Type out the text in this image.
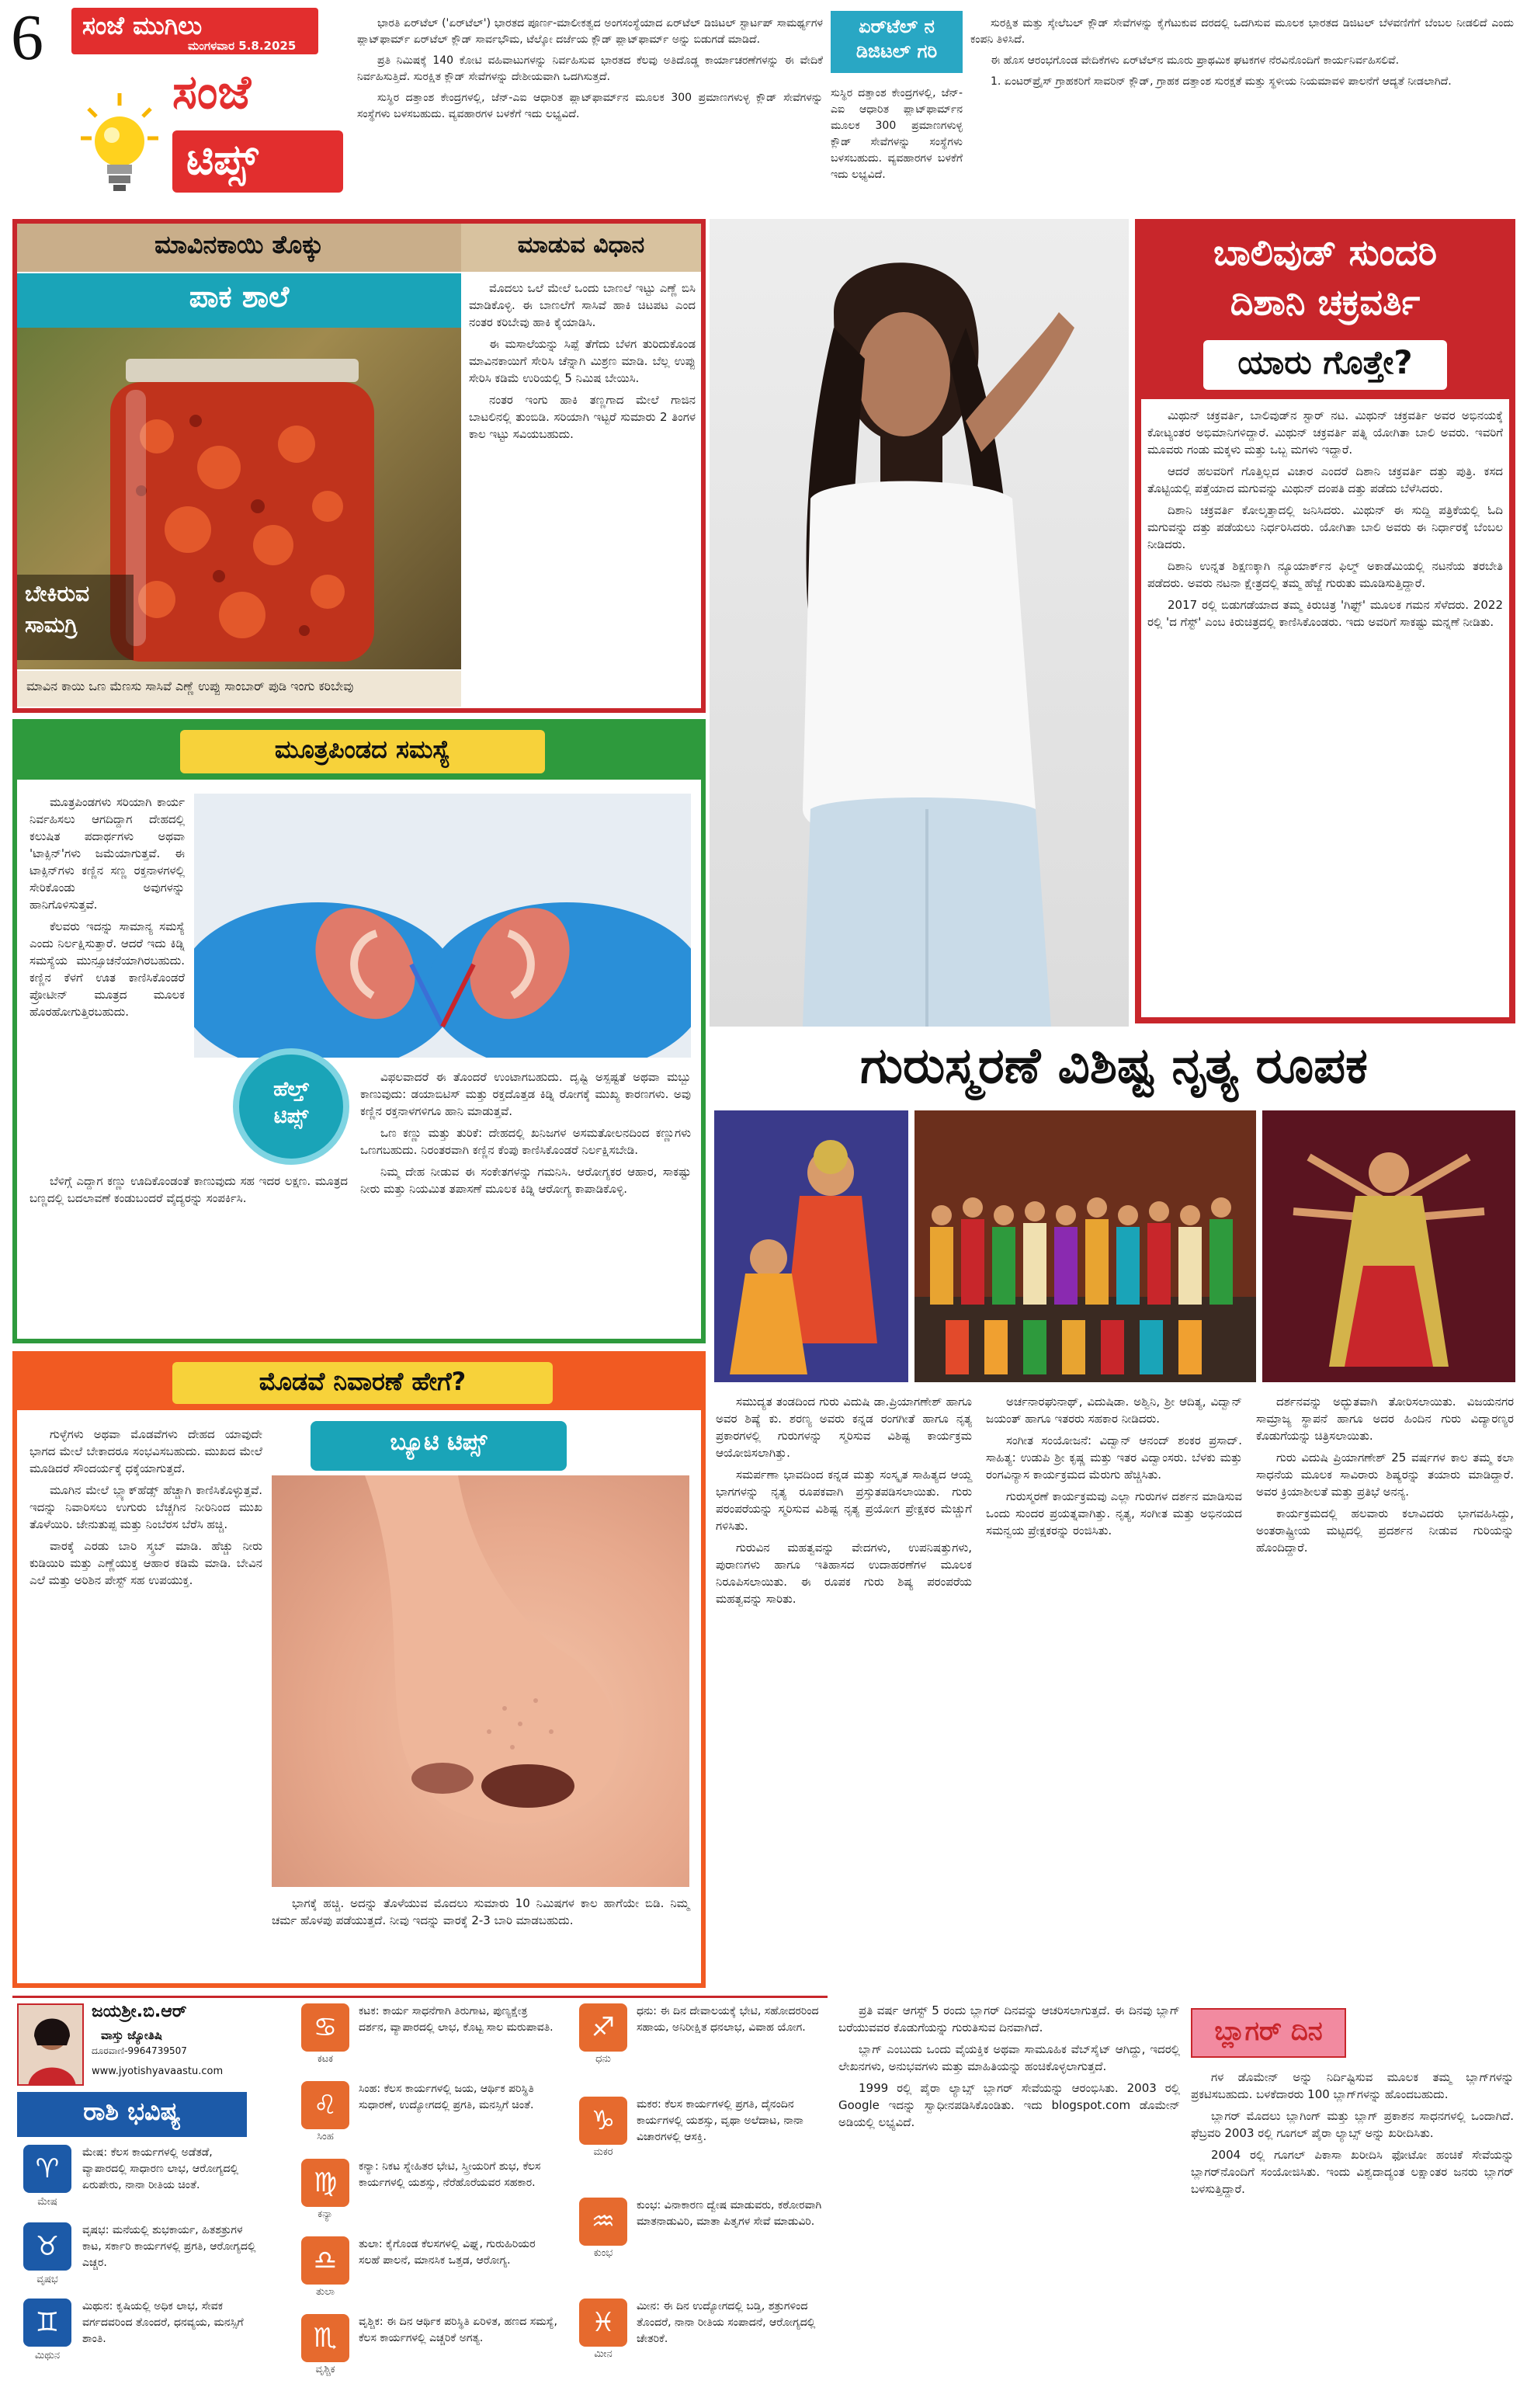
6 ಸಂಜೆ ಮುಗಿಲು
ಮಂಗಳವಾರ 5.8.2025
ಸಂಜೆ
ಟಿಪ್ಸ್

ಭಾರತಿ ಏರ್‌ಟೆಲ್ ('ಏರ್‌ಟೆಲ್') ಭಾರತದ ಪೂರ್ಣ-ಮಾಲೀಕತ್ವದ ಅಂಗಸಂಸ್ಥೆಯಾದ ಏರ್‌ಟೆಲ್ ಡಿಜಿಟಲ್ ಸ್ಟಾರ್ಟಪ್ ಸಾಮರ್ಥ್ಯಗಳ ಪ್ಲಾಟ್‌ಫಾರ್ಮ್ ಏರ್‌ಟೆಲ್ ಕ್ಲೌಡ್ ಸಾರ್ವಭೌಮ, ಟೆಲ್ಕೋ ದರ್ಜೆಯ ಕ್ಲೌಡ್ ಪ್ಲಾಟ್‌ಫಾರ್ಮ್ ಅನ್ನು ಬಿಡುಗಡೆ ಮಾಡಿದೆ.

ಪ್ರತಿ ನಿಮಿಷಕ್ಕೆ 140 ಕೋಟಿ ವಹಿವಾಟುಗಳನ್ನು ನಿರ್ವಹಿಸುವ ಭಾರತದ ಕೆಲವು ಅತಿದೊಡ್ಡ ಕಾರ್ಯಾಚರಣೆಗಳನ್ನು ಈ ವೇದಿಕೆ ನಿರ್ವಹಿಸುತ್ತಿದೆ. ಸುರಕ್ಷಿತ ಕ್ಲೌಡ್ ಸೇವೆಗಳನ್ನು ದೇಶೀಯವಾಗಿ ಒದಗಿಸುತ್ತದೆ.

ಸುಸ್ಥಿರ ದತ್ತಾಂಶ ಕೇಂದ್ರಗಳಲ್ಲಿ, ಜೆನ್-ಎಐ ಆಧಾರಿತ ಪ್ಲಾಟ್‌ಫಾರ್ಮ್‌ನ ಮೂಲಕ 300 ಪ್ರಮಾಣಗಳುಳ್ಳ ಕ್ಲೌಡ್ ಸೇವೆಗಳನ್ನು ಸಂಸ್ಥೆಗಳು ಬಳಸಬಹುದು. ವ್ಯವಹಾರಗಳ ಬಳಕೆಗೆ ಇದು ಲಭ್ಯವಿದೆ.

ಏರ್‌ಟೆಲ್ ನ
ಡಿಜಿಟಲ್ ಗರಿ

ಸುರಕ್ಷಿತ ಮತ್ತು ಸ್ಕೇಲೆಬಲ್ ಕ್ಲೌಡ್ ಸೇವೆಗಳನ್ನು ಕೈಗೆಟುಕುವ ದರದಲ್ಲಿ ಒದಗಿಸುವ ಮೂಲಕ ಭಾರತದ ಡಿಜಿಟಲ್ ಬೆಳವಣಿಗೆಗೆ ಬೆಂಬಲ ನೀಡಲಿದೆ ಎಂದು ಕಂಪನಿ ತಿಳಿಸಿದೆ.

ಈ ಹೊಸ ಆರಂಭಗೊಂಡ ವೇದಿಕೆಗಳು ಏರ್‌ಟೆಲ್‌ನ ಮೂರು ಪ್ರಾಥಮಿಕ ಘಟಕಗಳ ನೆರವಿನೊಂದಿಗೆ ಕಾರ್ಯನಿರ್ವಹಿಸಲಿವೆ.

1. ಏಂಟರ್‌ಪ್ರೈಸ್ ಗ್ರಾಹಕರಿಗೆ ಸಾವರಿನ್ ಕ್ಲೌಡ್, ಗ್ರಾಹಕ ದತ್ತಾಂಶ ಸುರಕ್ಷತೆ ಮತ್ತು ಸ್ಥಳೀಯ ನಿಯಮಾವಳಿ ಪಾಲನೆಗೆ ಆದ್ಯತೆ ನೀಡಲಾಗಿದೆ.

ಸುಸ್ಥಿರ ದತ್ತಾಂಶ ಕೇಂದ್ರಗಳಲ್ಲಿ, ಜೆನ್-ಎಐ ಆಧಾರಿತ ಪ್ಲಾಟ್‌ಫಾರ್ಮ್‌ನ ಮೂಲಕ 300 ಪ್ರಮಾಣಗಳುಳ್ಳ ಕ್ಲೌಡ್ ಸೇವೆಗಳನ್ನು ಸಂಸ್ಥೆಗಳು ಬಳಸಬಹುದು. ವ್ಯವಹಾರಗಳ ಬಳಕೆಗೆ ಇದು ಲಭ್ಯವಿದೆ.

ಮಾವಿನಕಾಯಿ ತೊಕ್ಕು	ಮಾಡುವ ವಿಧಾನ
ಪಾಕ ಶಾಲೆ
ಬೇಕಿರುವ
ಸಾಮಗ್ರಿ
ಮಾವಿನ ಕಾಯಿ ಒಣ ಮೆಣಸು ಸಾಸಿವೆ ಎಣ್ಣೆ ಉಪ್ಪು ಸಾಂಬಾರ್ ಪುಡಿ ಇಂಗು ಕರಿಬೇವು

ಮೊದಲು ಒಲೆ ಮೇಲೆ ಒಂದು ಬಾಣಲೆ ಇಟ್ಟು ಎಣ್ಣೆ ಬಿಸಿ ಮಾಡಿಕೊಳ್ಳಿ. ಈ ಬಾಣಲೆಗೆ ಸಾಸಿವೆ ಹಾಕಿ ಚಿಟಪಟ ಎಂದ ನಂತರ ಕರಿಬೇವು ಹಾಕಿ ಕೈಯಾಡಿಸಿ.

ಈ ಮಸಾಲೆಯನ್ನು ಸಿಪ್ಪೆ ತೆಗೆದು ಬೆಳಗ ತುರಿದುಕೊಂಡ ಮಾವಿನಕಾಯಿಗೆ ಸೇರಿಸಿ ಚೆನ್ನಾಗಿ ಮಿಶ್ರಣ ಮಾಡಿ. ಬೆಲ್ಲ ಉಪ್ಪು ಸೇರಿಸಿ ಕಡಿಮೆ ಉರಿಯಲ್ಲಿ 5 ನಿಮಿಷ ಬೇಯಿಸಿ.

ನಂತರ ಇಂಗು ಹಾಕಿ ತಣ್ಣಗಾದ ಮೇಲೆ ಗಾಜಿನ ಬಾಟಲಿನಲ್ಲಿ ತುಂಬಿಡಿ. ಸರಿಯಾಗಿ ಇಟ್ಟರೆ ಸುಮಾರು 2 ತಿಂಗಳ ಕಾಲ ಇಟ್ಟು ಸವಿಯಬಹುದು.

ಮೂತ್ರಪಿಂಡದ ಸಮಸ್ಯೆ

ಮೂತ್ರಪಿಂಡಗಳು ಸರಿಯಾಗಿ ಕಾರ್ಯ ನಿರ್ವಹಿಸಲು ಆಗದಿದ್ದಾಗ ದೇಹದಲ್ಲಿ ಕಲುಷಿತ ಪದಾರ್ಥಗಳು ಅಥವಾ 'ಟಾಕ್ಸಿನ್'ಗಳು ಜಮೆಯಾಗುತ್ತವೆ. ಈ ಟಾಕ್ಸಿನ್‌ಗಳು ಕಣ್ಣಿನ ಸಣ್ಣ ರಕ್ತನಾಳಗಳಲ್ಲಿ ಸೇರಿಕೊಂಡು ಅವುಗಳನ್ನು ಹಾನಿಗೊಳಿಸುತ್ತವೆ.

ಕೆಲವರು ಇದನ್ನು ಸಾಮಾನ್ಯ ಸಮಸ್ಯೆ ಎಂದು ನಿರ್ಲಕ್ಷಿಸುತ್ತಾರೆ. ಆದರೆ ಇದು ಕಿಡ್ನಿ ಸಮಸ್ಯೆಯ ಮುನ್ಸೂಚನೆಯಾಗಿರಬಹುದು. ಕಣ್ಣಿನ ಕೆಳಗೆ ಊತ ಕಾಣಿಸಿಕೊಂಡರೆ ಪ್ರೋಟೀನ್ ಮೂತ್ರದ ಮೂಲಕ ಹೊರಹೋಗುತ್ತಿರಬಹುದು.

ಹೆಲ್ತ್
ಟಿಪ್ಸ್

ಬೆಳಿಗ್ಗೆ ಎದ್ದಾಗ ಕಣ್ಣು ಊದಿಕೊಂಡಂತೆ ಕಾಣುವುದು ಸಹ ಇದರ ಲಕ್ಷಣ. ಮೂತ್ರದ ಬಣ್ಣದಲ್ಲಿ ಬದಲಾವಣೆ ಕಂಡುಬಂದರೆ ವೈದ್ಯರನ್ನು ಸಂಪರ್ಕಿಸಿ.

ವಿಫಲವಾದರೆ ಈ ತೊಂದರೆ ಉಂಟಾಗಬಹುದು. ದೃಷ್ಟಿ ಅಸ್ಪಷ್ಟತೆ ಅಥವಾ ಮಬ್ಬು ಕಾಣುವುದು: ಡಯಾಬಿಟಿಸ್ ಮತ್ತು ರಕ್ತದೊತ್ತಡ ಕಿಡ್ನಿ ರೋಗಕ್ಕೆ ಮುಖ್ಯ ಕಾರಣಗಳು. ಅವು ಕಣ್ಣಿನ ರಕ್ತನಾಳಗಳಿಗೂ ಹಾನಿ ಮಾಡುತ್ತವೆ.

ಒಣ ಕಣ್ಣು ಮತ್ತು ತುರಿಕೆ: ದೇಹದಲ್ಲಿ ಖನಿಜಗಳ ಅಸಮತೋಲನದಿಂದ ಕಣ್ಣುಗಳು ಒಣಗಬಹುದು. ನಿರಂತರವಾಗಿ ಕಣ್ಣಿನ ಕೆಂಪು ಕಾಣಿಸಿಕೊಂಡರೆ ನಿರ್ಲಕ್ಷಿಸಬೇಡಿ.

ನಿಮ್ಮ ದೇಹ ನೀಡುವ ಈ ಸಂಕೇತಗಳನ್ನು ಗಮನಿಸಿ. ಆರೋಗ್ಯಕರ ಆಹಾರ, ಸಾಕಷ್ಟು ನೀರು ಮತ್ತು ನಿಯಮಿತ ತಪಾಸಣೆ ಮೂಲಕ ಕಿಡ್ನಿ ಆರೋಗ್ಯ ಕಾಪಾಡಿಕೊಳ್ಳಿ.

ಮೊಡವೆ ನಿವಾರಣೆ ಹೇಗೆ?

ಗುಳ್ಳೆಗಳು ಅಥವಾ ಮೊಡವೆಗಳು ದೇಹದ ಯಾವುದೇ ಭಾಗದ ಮೇಲೆ ಬೇಕಾದರೂ ಸಂಭವಿಸಬಹುದು. ಮುಖದ ಮೇಲೆ ಮೂಡಿದರೆ ಸೌಂದರ್ಯಕ್ಕೆ ಧಕ್ಕೆಯಾಗುತ್ತದೆ.

ಮೂಗಿನ ಮೇಲೆ ಬ್ಲ್ಯಾಕ್‌ಹೆಡ್ಸ್ ಹೆಚ್ಚಾಗಿ ಕಾಣಿಸಿಕೊಳ್ಳುತ್ತವೆ. ಇದನ್ನು ನಿವಾರಿಸಲು ಉಗುರು ಬೆಚ್ಚಗಿನ ನೀರಿನಿಂದ ಮುಖ ತೊಳೆಯಿರಿ. ಜೇನುತುಪ್ಪ ಮತ್ತು ನಿಂಬೆರಸ ಬೆರೆಸಿ ಹಚ್ಚಿ.

ವಾರಕ್ಕೆ ಎರಡು ಬಾರಿ ಸ್ಕ್ರಬ್ ಮಾಡಿ. ಹೆಚ್ಚು ನೀರು ಕುಡಿಯಿರಿ ಮತ್ತು ಎಣ್ಣೆಯುಕ್ತ ಆಹಾರ ಕಡಿಮೆ ಮಾಡಿ. ಬೇವಿನ ಎಲೆ ಮತ್ತು ಅರಿಶಿನ ಪೇಸ್ಟ್ ಸಹ ಉಪಯುಕ್ತ.

ಬ್ಯೂಟಿ ಟಿಪ್ಸ್

ಭಾಗಕ್ಕೆ ಹಚ್ಚಿ. ಅದನ್ನು ತೊಳೆಯುವ ಮೊದಲು ಸುಮಾರು 10 ನಿಮಿಷಗಳ ಕಾಲ ಹಾಗೆಯೇ ಬಿಡಿ. ನಿಮ್ಮ ಚರ್ಮ ಹೊಳಪು ಪಡೆಯುತ್ತದೆ. ನೀವು ಇದನ್ನು ವಾರಕ್ಕೆ 2-3 ಬಾರಿ ಮಾಡಬಹುದು.

ಬಾಲಿವುಡ್ ಸುಂದರಿ
ದಿಶಾನಿ ಚಕ್ರವರ್ತಿ
ಯಾರು ಗೊತ್ತೇ?

ಮಿಥುನ್ ಚಕ್ರವರ್ತಿ, ಬಾಲಿವುಡ್‌ನ ಸ್ಟಾರ್ ನಟ. ಮಿಥುನ್ ಚಕ್ರವರ್ತಿ ಅವರ ಅಭಿನಯಕ್ಕೆ ಕೋಟ್ಯಂತರ ಅಭಿಮಾನಿಗಳಿದ್ದಾರೆ. ಮಿಥುನ್ ಚಕ್ರವರ್ತಿ ಪತ್ನಿ ಯೋಗಿತಾ ಬಾಲಿ ಅವರು. ಇವರಿಗೆ ಮೂವರು ಗಂಡು ಮಕ್ಕಳು ಮತ್ತು ಒಬ್ಬ ಮಗಳು ಇದ್ದಾರೆ.

ಆದರೆ ಹಲವರಿಗೆ ಗೊತ್ತಿಲ್ಲದ ವಿಚಾರ ಎಂದರೆ ದಿಶಾನಿ ಚಕ್ರವರ್ತಿ ದತ್ತು ಪುತ್ರಿ. ಕಸದ ತೊಟ್ಟಿಯಲ್ಲಿ ಪತ್ತೆಯಾದ ಮಗುವನ್ನು ಮಿಥುನ್ ದಂಪತಿ ದತ್ತು ಪಡೆದು ಬೆಳೆಸಿದರು.

ದಿಶಾನಿ ಚಕ್ರವರ್ತಿ ಕೋಲ್ಕತ್ತಾದಲ್ಲಿ ಜನಿಸಿದರು. ಮಿಥುನ್ ಈ ಸುದ್ದಿ ಪತ್ರಿಕೆಯಲ್ಲಿ ಓದಿ ಮಗುವನ್ನು ದತ್ತು ಪಡೆಯಲು ನಿರ್ಧರಿಸಿದರು. ಯೋಗಿತಾ ಬಾಲಿ ಅವರು ಈ ನಿರ್ಧಾರಕ್ಕೆ ಬೆಂಬಲ ನೀಡಿದರು.

ದಿಶಾನಿ ಉನ್ನತ ಶಿಕ್ಷಣಕ್ಕಾಗಿ ನ್ಯೂಯಾರ್ಕ್‌ನ ಫಿಲ್ಮ್ ಅಕಾಡೆಮಿಯಲ್ಲಿ ನಟನೆಯ ತರಬೇತಿ ಪಡೆದರು. ಅವರು ನಟನಾ ಕ್ಷೇತ್ರದಲ್ಲಿ ತಮ್ಮ ಹೆಜ್ಜೆ ಗುರುತು ಮೂಡಿಸುತ್ತಿದ್ದಾರೆ.

2017 ರಲ್ಲಿ ಬಿಡುಗಡೆಯಾದ ತಮ್ಮ ಕಿರುಚಿತ್ರ 'ಗಿಫ್ಟ್' ಮೂಲಕ ಗಮನ ಸೆಳೆದರು. 2022 ರಲ್ಲಿ 'ದ ಗೆಸ್ಟ್' ಎಂಬ ಕಿರುಚಿತ್ರದಲ್ಲಿ ಕಾಣಿಸಿಕೊಂಡರು. ಇದು ಅವರಿಗೆ ಸಾಕಷ್ಟು ಮನ್ನಣೆ ನೀಡಿತು.

ಗುರುಸ್ಮರಣೆ ವಿಶಿಷ್ಟ ನೃತ್ಯ ರೂಪಕ

ಸಮುದ್ಯತ ತಂಡದಿಂದ ಗುರು ವಿದುಷಿ ಡಾ.ಪ್ರಿಯಾಗಣೇಶ್ ಹಾಗೂ ಅವರ ಶಿಷ್ಯೆ ಕು. ಶರಣ್ಯ ಅವರು ಕನ್ನಡ ರಂಗಗೀತೆ ಹಾಗೂ ನೃತ್ಯ ಪ್ರಕಾರಗಳಲ್ಲಿ ಗುರುಗಳನ್ನು ಸ್ಮರಿಸುವ ವಿಶಿಷ್ಟ ಕಾರ್ಯಕ್ರಮ ಆಯೋಜಿಸಲಾಗಿತ್ತು.

ಸಮರ್ಪಣಾ ಭಾವದಿಂದ ಕನ್ನಡ ಮತ್ತು ಸಂಸ್ಕೃತ ಸಾಹಿತ್ಯದ ಆಯ್ದ ಭಾಗಗಳನ್ನು ನೃತ್ಯ ರೂಪಕವಾಗಿ ಪ್ರಸ್ತುತಪಡಿಸಲಾಯಿತು. ಗುರು ಪರಂಪರೆಯನ್ನು ಸ್ಮರಿಸುವ ವಿಶಿಷ್ಟ ನೃತ್ಯ ಪ್ರಯೋಗ ಪ್ರೇಕ್ಷಕರ ಮೆಚ್ಚುಗೆ ಗಳಿಸಿತು.

ಗುರುವಿನ ಮಹತ್ವವನ್ನು ವೇದಗಳು, ಉಪನಿಷತ್ತುಗಳು, ಪುರಾಣಗಳು ಹಾಗೂ ಇತಿಹಾಸದ ಉದಾಹರಣೆಗಳ ಮೂಲಕ ನಿರೂಪಿಸಲಾಯಿತು. ಈ ರೂಪಕ ಗುರು ಶಿಷ್ಯ ಪರಂಪರೆಯ ಮಹತ್ವವನ್ನು ಸಾರಿತು.

ಅರ್ಚನಾರಘುನಾಥ್, ವಿದುಷಿಡಾ. ಅಶ್ವಿನಿ, ಶ್ರೀ ಆದಿತ್ಯ, ವಿದ್ವಾನ್ ಜಯಂತ್ ಹಾಗೂ ಇತರರು ಸಹಕಾರ ನೀಡಿದರು.

ಸಂಗೀತ ಸಂಯೋಜನೆ: ವಿದ್ವಾನ್ ಆನಂದ್ ಶಂಕರ ಪ್ರಸಾದ್. ಸಾಹಿತ್ಯ: ಉಡುಪಿ ಶ್ರೀ ಕೃಷ್ಣ ಮತ್ತು ಇತರ ವಿದ್ವಾಂಸರು. ಬೆಳಕು ಮತ್ತು ರಂಗವಿನ್ಯಾಸ ಕಾರ್ಯಕ್ರಮದ ಮೆರುಗು ಹೆಚ್ಚಿಸಿತು.

ಗುರುಸ್ಮರಣೆ ಕಾರ್ಯಕ್ರಮವು ಎಲ್ಲಾ ಗುರುಗಳ ದರ್ಶನ ಮಾಡಿಸುವ ಒಂದು ಸುಂದರ ಪ್ರಯತ್ನವಾಗಿತ್ತು. ನೃತ್ಯ, ಸಂಗೀತ ಮತ್ತು ಅಭಿನಯದ ಸಮನ್ವಯ ಪ್ರೇಕ್ಷಕರನ್ನು ರಂಜಿಸಿತು.

ದರ್ಶನವನ್ನು ಅದ್ಭುತವಾಗಿ ತೋರಿಸಲಾಯಿತು. ವಿಜಯನಗರ ಸಾಮ್ರಾಜ್ಯ ಸ್ಥಾಪನೆ ಹಾಗೂ ಅದರ ಹಿಂದಿನ ಗುರು ವಿದ್ಯಾರಣ್ಯರ ಕೊಡುಗೆಯನ್ನು ಚಿತ್ರಿಸಲಾಯಿತು.

ಗುರು ವಿದುಷಿ ಪ್ರಿಯಾಗಣೇಶ್ 25 ವರ್ಷಗಳ ಕಾಲ ತಮ್ಮ ಕಲಾ ಸಾಧನೆಯ ಮೂಲಕ ಸಾವಿರಾರು ಶಿಷ್ಯರನ್ನು ತಯಾರು ಮಾಡಿದ್ದಾರೆ. ಅವರ ಕ್ರಿಯಾಶೀಲತೆ ಮತ್ತು ಪ್ರತಿಭೆ ಅನನ್ಯ.

ಕಾರ್ಯಕ್ರಮದಲ್ಲಿ ಹಲವಾರು ಕಲಾವಿದರು ಭಾಗವಹಿಸಿದ್ದು, ಅಂತರಾಷ್ಟ್ರೀಯ ಮಟ್ಟದಲ್ಲಿ ಪ್ರದರ್ಶನ ನೀಡುವ ಗುರಿಯನ್ನು ಹೊಂದಿದ್ದಾರೆ.

ಜಯಶ್ರೀ.ಬಿ.ಆರ್
ವಾಸ್ತು ಜ್ಯೋತಿಷಿ
ದೂರವಾಣಿ-9964739507
www.jyotishyavaastu.com
ರಾಶಿ ಭವಿಷ್ಯ
♈
ಮೇಷ
ಮೇಷ: ಕೆಲಸ ಕಾರ್ಯಗಳಲ್ಲಿ ಅಡೆತಡೆ, ವ್ಯಾಪಾರದಲ್ಲಿ ಸಾಧಾರಣ ಲಾಭ, ಆರೋಗ್ಯದಲ್ಲಿ ಏರುಪೇರು, ನಾನಾ ರೀತಿಯ ಚಿಂತೆ.
♉
ವೃಷಭ
ವೃಷಭ: ಮನೆಯಲ್ಲಿ ಶುಭಕಾರ್ಯ, ಹಿತಶತ್ರುಗಳ ಕಾಟ, ಸರ್ಕಾರಿ ಕಾರ್ಯಗಳಲ್ಲಿ ಪ್ರಗತಿ, ಆರೋಗ್ಯದಲ್ಲಿ ಎಚ್ಚರ.
♊
ಮಿಥುನ
ಮಿಥುನ: ಕೃಷಿಯಲ್ಲಿ ಅಧಿಕ ಲಾಭ, ಸೇವಕ ವರ್ಗದವರಿಂದ ತೊಂದರೆ, ಧನವ್ಯಯ, ಮನಸ್ಸಿಗೆ ಶಾಂತಿ.
♋
ಕಟಕ
ಕಟಕ: ಕಾರ್ಯ ಸಾಧನೆಗಾಗಿ ತಿರುಗಾಟ, ಪುಣ್ಯಕ್ಷೇತ್ರ ದರ್ಶನ, ವ್ಯಾಪಾರದಲ್ಲಿ ಲಾಭ, ಕೊಟ್ಟ ಸಾಲ ಮರುಪಾವತಿ.
♌
ಸಿಂಹ
ಸಿಂಹ: ಕೆಲಸ ಕಾರ್ಯಗಳಲ್ಲಿ ಜಯ, ಆರ್ಥಿಕ ಪರಿಸ್ಥಿತಿ ಸುಧಾರಣೆ, ಉದ್ಯೋಗದಲ್ಲಿ ಪ್ರಗತಿ, ಮನಸ್ಸಿಗೆ ಚಿಂತೆ.
♍
ಕನ್ಯಾ
ಕನ್ಯಾ: ನಿಕಟ ಸ್ನೇಹಿತರ ಭೇಟಿ, ಸ್ತ್ರೀಯರಿಗೆ ಶುಭ, ಕೆಲಸ ಕಾರ್ಯಗಳಲ್ಲಿ ಯಶಸ್ಸು, ನೆರೆಹೊರೆಯವರ ಸಹಕಾರ.
♎
ತುಲಾ
ತುಲಾ: ಕೈಗೊಂಡ ಕೆಲಸಗಳಲ್ಲಿ ವಿಘ್ನ, ಗುರುಹಿರಿಯರ ಸಲಹೆ ಪಾಲನೆ, ಮಾನಸಿಕ ಒತ್ತಡ, ಆರೋಗ್ಯ.
♏
ವೃಶ್ಚಿಕ
ವೃಶ್ಚಿಕ: ಈ ದಿನ ಆರ್ಥಿಕ ಪರಿಸ್ಥಿತಿ ಏರಿಳಿತ, ಹಣದ ಸಮಸ್ಯೆ, ಕೆಲಸ ಕಾರ್ಯಗಳಲ್ಲಿ ಎಚ್ಚರಿಕೆ ಅಗತ್ಯ.
♐
ಧನು
ಧನು: ಈ ದಿನ ದೇವಾಲಯಕ್ಕೆ ಭೇಟಿ, ಸಹೋದರರಿಂದ ಸಹಾಯ, ಅನಿರೀಕ್ಷಿತ ಧನಲಾಭ, ವಿವಾಹ ಯೋಗ.
♑
ಮಕರ
ಮಕರ: ಕೆಲಸ ಕಾರ್ಯಗಳಲ್ಲಿ ಪ್ರಗತಿ, ದೈನಂದಿನ ಕಾರ್ಯಗಳಲ್ಲಿ ಯಶಸ್ಸು, ವೃಥಾ ಅಲೆದಾಟ, ನಾನಾ ವಿಚಾರಗಳಲ್ಲಿ ಆಸಕ್ತಿ.
♒
ಕುಂಭ
ಕುಂಭ: ವಿನಾಕಾರಣ ದ್ವೇಷ ಮಾಡುವರು, ಕಠೋರವಾಗಿ ಮಾತನಾಡುವಿರಿ, ಮಾತಾ ಪಿತೃಗಳ ಸೇವೆ ಮಾಡುವಿರಿ.
♓
ಮೀನ
ಮೀನ: ಈ ದಿನ ಉದ್ಯೋಗದಲ್ಲಿ ಬಡ್ತಿ, ಶತ್ರುಗಳಿಂದ ತೊಂದರೆ, ನಾನಾ ರೀತಿಯ ಸಂಪಾದನೆ, ಆರೋಗ್ಯದಲ್ಲಿ ಚೇತರಿಕೆ.

ಪ್ರತಿ ವರ್ಷ ಆಗಸ್ಟ್ 5 ರಂದು ಬ್ಲಾಗರ್ ದಿನವನ್ನು ಆಚರಿಸಲಾಗುತ್ತದೆ. ಈ ದಿನವು ಬ್ಲಾಗ್ ಬರೆಯುವವರ ಕೊಡುಗೆಯನ್ನು ಗುರುತಿಸುವ ದಿನವಾಗಿದೆ.

ಬ್ಲಾಗ್ ಎಂಬುದು ಒಂದು ವೈಯಕ್ತಿಕ ಅಥವಾ ಸಾಮೂಹಿಕ ವೆಬ್‌ಸೈಟ್ ಆಗಿದ್ದು, ಇದರಲ್ಲಿ ಲೇಖನಗಳು, ಅನುಭವಗಳು ಮತ್ತು ಮಾಹಿತಿಯನ್ನು ಹಂಚಿಕೊಳ್ಳಲಾಗುತ್ತದೆ.

1999 ರಲ್ಲಿ ಪೈರಾ ಲ್ಯಾಬ್ಸ್ ಬ್ಲಾಗರ್ ಸೇವೆಯನ್ನು ಆರಂಭಿಸಿತು. 2003 ರಲ್ಲಿ Google ಇದನ್ನು ಸ್ವಾಧೀನಪಡಿಸಿಕೊಂಡಿತು. ಇದು blogspot.com ಡೊಮೇನ್ ಅಡಿಯಲ್ಲಿ ಲಭ್ಯವಿದೆ.

ಬ್ಲಾಗರ್ ದಿನ

ಗಳ ಡೊಮೇನ್ ಅನ್ನು ನಿರ್ದಿಷ್ಟಿಸುವ ಮೂಲಕ ತಮ್ಮ ಬ್ಲಾಗ್‌ಗಳನ್ನು ಪ್ರಕಟಿಸಬಹುದು. ಬಳಕೆದಾರರು 100 ಬ್ಲಾಗ್‌ಗಳನ್ನು ಹೊಂದಬಹುದು.

ಬ್ಲಾಗರ್ ಮೊದಲು ಬ್ಲಾಗಿಂಗ್ ಮತ್ತು ಬ್ಲಾಗ್ ಪ್ರಕಾಶನ ಸಾಧನಗಳಲ್ಲಿ ಒಂದಾಗಿದೆ. ಫೆಬ್ರವರಿ 2003 ರಲ್ಲಿ ಗೂಗಲ್ ಪೈರಾ ಲ್ಯಾಬ್ಸ್ ಅನ್ನು ಖರೀದಿಸಿತು.

2004 ರಲ್ಲಿ ಗೂಗಲ್ ಪಿಕಾಸಾ ಖರೀದಿಸಿ ಫೋಟೋ ಹಂಚಿಕೆ ಸೇವೆಯನ್ನು ಬ್ಲಾಗರ್‌ನೊಂದಿಗೆ ಸಂಯೋಜಿಸಿತು. ಇಂದು ವಿಶ್ವದಾದ್ಯಂತ ಲಕ್ಷಾಂತರ ಜನರು ಬ್ಲಾಗರ್ ಬಳಸುತ್ತಿದ್ದಾರೆ.
